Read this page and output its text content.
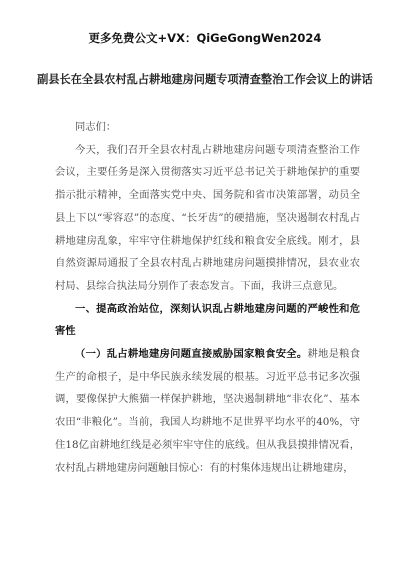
更多免费公文+VX：QiGeGongWen2024
副县长在全县农村乱占耕地建房问题专项清查整治工作会议上的讲话

同志们：

今天，我们召开全县农村乱占耕地建房问题专项清查整治工作会议，主要任务是深入贯彻落实习近平总书记关于耕地保护的重要指示批示精神，全面落实党中央、国务院和省市决策部署，动员全县上下以“零容忍”的态度、“长牙齿”的硬措施，坚决遏制农村乱占耕地建房乱象，牢牢守住耕地保护红线和粮食安全底线。刚才，县自然资源局通报了全县农村乱占耕地建房问题摸排情况，县农业农村局、县综合执法局分别作了表态发言。下面，我讲三点意见。

一、提高政治站位，深刻认识乱占耕地建房问题的严峻性和危害性

（一）乱占耕地建房问题直接威胁国家粮食安全。耕地是粮食生产的命根子，是中华民族永续发展的根基。习近平总书记多次强调，要像保护大熊猫一样保护耕地，坚决遏制耕地“非农化”、基本农田“非粮化”。当前，我国人均耕地不足世界平均水平的40%，守住18亿亩耕地红线是必须牢牢守住的底线。但从我县摸排情况看，农村乱占耕地建房问题触目惊心：有的村集体违规出让耕地建房，
